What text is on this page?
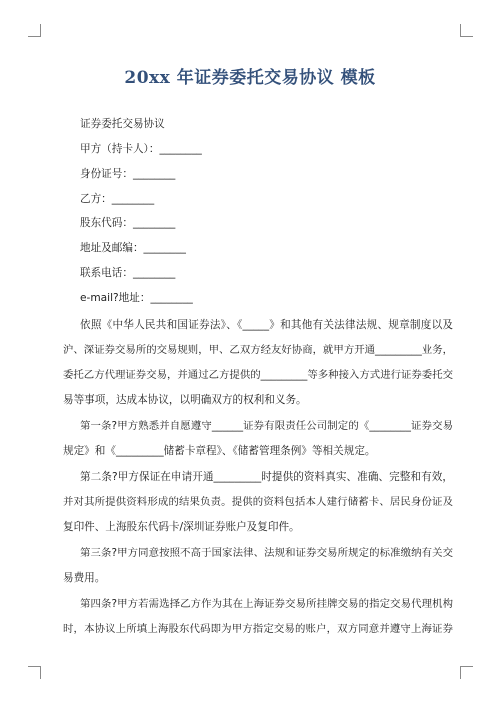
20xx 年证券委托交易协议 模板
证券委托交易协议
甲方（持卡人）：________
身份证号：________
乙方：________
股东代码：________
地址及邮编：________
联系电话：________
e-mail?地址：________
依照《中华人民共和国证券法》、《_____》和其他有关法律法规、规章制度以及
沪、深证券交易所的交易规则，甲、乙双方经友好协商，就甲方开通_________业务，
委托乙方代理证券交易，并通过乙方提供的_________等多种接入方式进行证券委托交
易等事项，达成本协议，以明确双方的权利和义务。
第一条?甲方熟悉并自愿遵守______证券有限责任公司制定的《________证券交易
规定》和《_________储蓄卡章程》、《储蓄管理条例》等相关规定。
第二条?甲方保证在申请开通_________时提供的资料真实、准确、完整和有效，
并对其所提供资料形成的结果负责。提供的资料包括本人建行储蓄卡、居民身份证及
复印件、上海股东代码卡/深圳证券账户及复印件。
第三条?甲方同意按照不高于国家法律、法规和证券交易所规定的标准缴纳有关交
易费用。
第四条?甲方若需选择乙方作为其在上海证券交易所挂牌交易的指定交易代理机构
时，本协议上所填上海股东代码即为甲方指定交易的账户，双方同意并遵守上海证券
